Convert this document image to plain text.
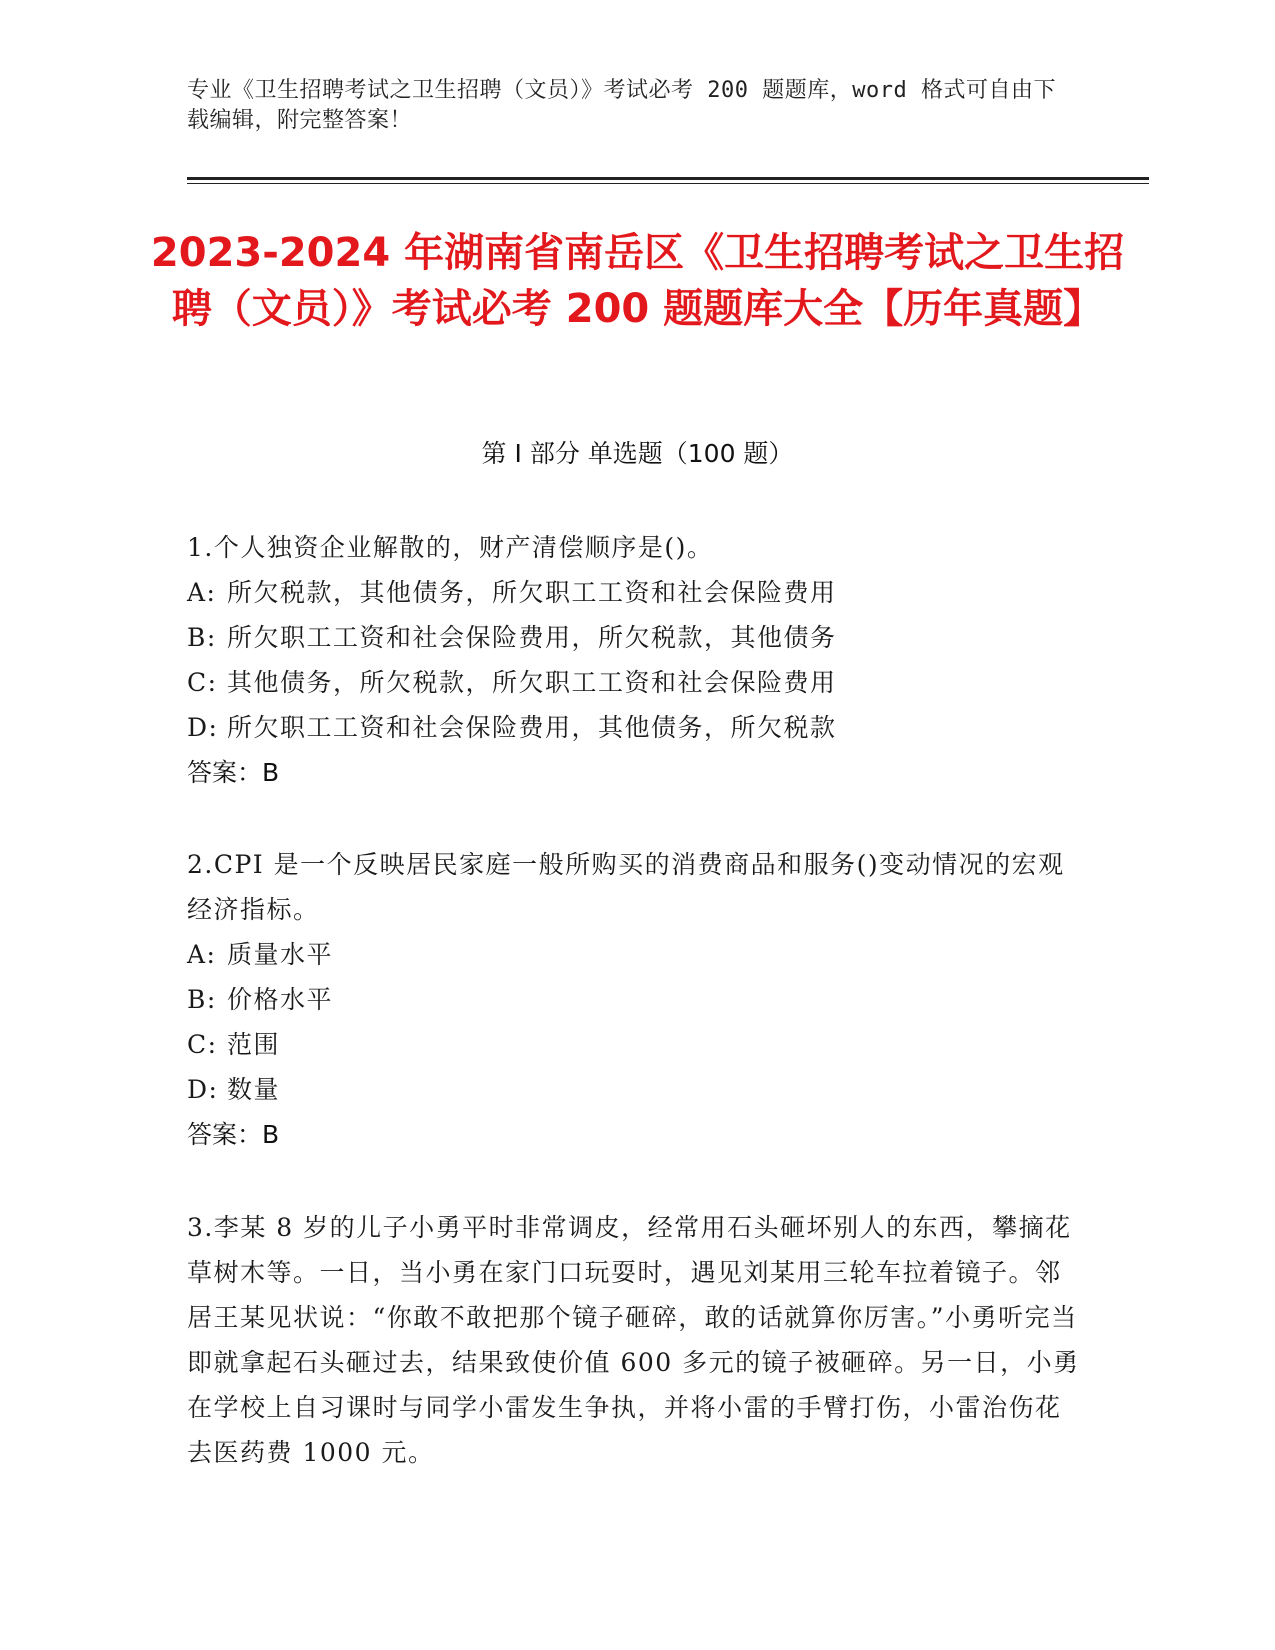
专业《卫生招聘考试之卫生招聘（文员）》考试必考 200 题题库，word 格式可自由下载编辑，附完整答案！
2023-2024 年湖南省南岳区《卫生招聘考试之卫生招聘（文员）》考试必考 200 题题库大全【历年真题】
第 I 部分 单选题（100 题）

1.个人独资企业解散的，财产清偿顺序是()。

A: 所欠税款，其他债务，所欠职工工资和社会保险费用

B: 所欠职工工资和社会保险费用，所欠税款，其他债务

C: 其他债务，所欠税款，所欠职工工资和社会保险费用

D: 所欠职工工资和社会保险费用，其他债务，所欠税款

答案：B

2.CPI 是一个反映居民家庭一般所购买的消费商品和服务()变动情况的宏观经济指标。

A: 质量水平

B: 价格水平

C: 范围

D: 数量

答案：B

3.李某 8 岁的儿子小勇平时非常调皮，经常用石头砸坏别人的东西，攀摘花草树木等。一日，当小勇在家门口玩耍时，遇见刘某用三轮车拉着镜子。邻居王某见状说：“你敢不敢把那个镜子砸碎，敢的话就算你厉害。”小勇听完当即就拿起石头砸过去，结果致使价值 600 多元的镜子被砸碎。另一日，小勇在学校上自习课时与同学小雷发生争执，并将小雷的手臂打伤，小雷治伤花去医药费 1000 元。
